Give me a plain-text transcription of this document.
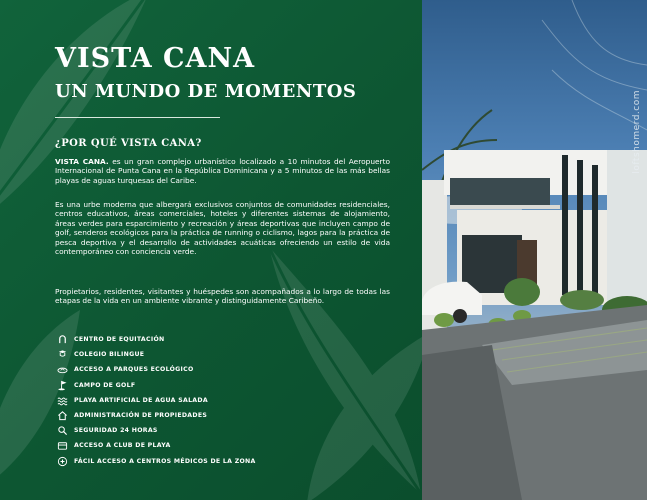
VISTA CANA
UN MUNDO DE MOMENTOS
¿POR QUÉ VISTA CANA?

VISTA CANA. es un gran complejo urbanístico localizado a 10 minutos del Aeropuerto Internacional de Punta Cana en la República Dominicana y a 5 minutos de las más bellas playas de aguas turquesas del Caribe.

Es una urbe moderna que albergará exclusivos conjuntos de comunidades residenciales, centros educativos, áreas comerciales, hoteles y diferentes sistemas de alojamiento, áreas verdes para esparcimiento y recreación y áreas deportivas que incluyen campo de golf, senderos ecológicos para la práctica de running o ciclismo, lagos para la práctica de pesca deportiva y el desarrollo de actividades acuáticas ofreciendo un estilo de vida contemporáneo con conciencia verde.

Propietarios, residentes, visitantes y huéspedes son acompañados a lo largo de todas las etapas de la vida en un ambiente vibrante y distinguidamente Caribeño.

CENTRO DE EQUITACIÓN
COLEGIO BILINGUE
ACCESO A PARQUES ECOLÓGICO
CAMPO DE GOLF
PLAYA ARTIFICIAL DE AGUA SALADA
ADMINISTRACIÓN DE PROPIEDADES
SEGURIDAD 24 HORAS
ACCESO A CLUB DE PLAYA
FÁCIL ACCESO A CENTROS MÉDICOS DE LA ZONA
loftshomerd.com
